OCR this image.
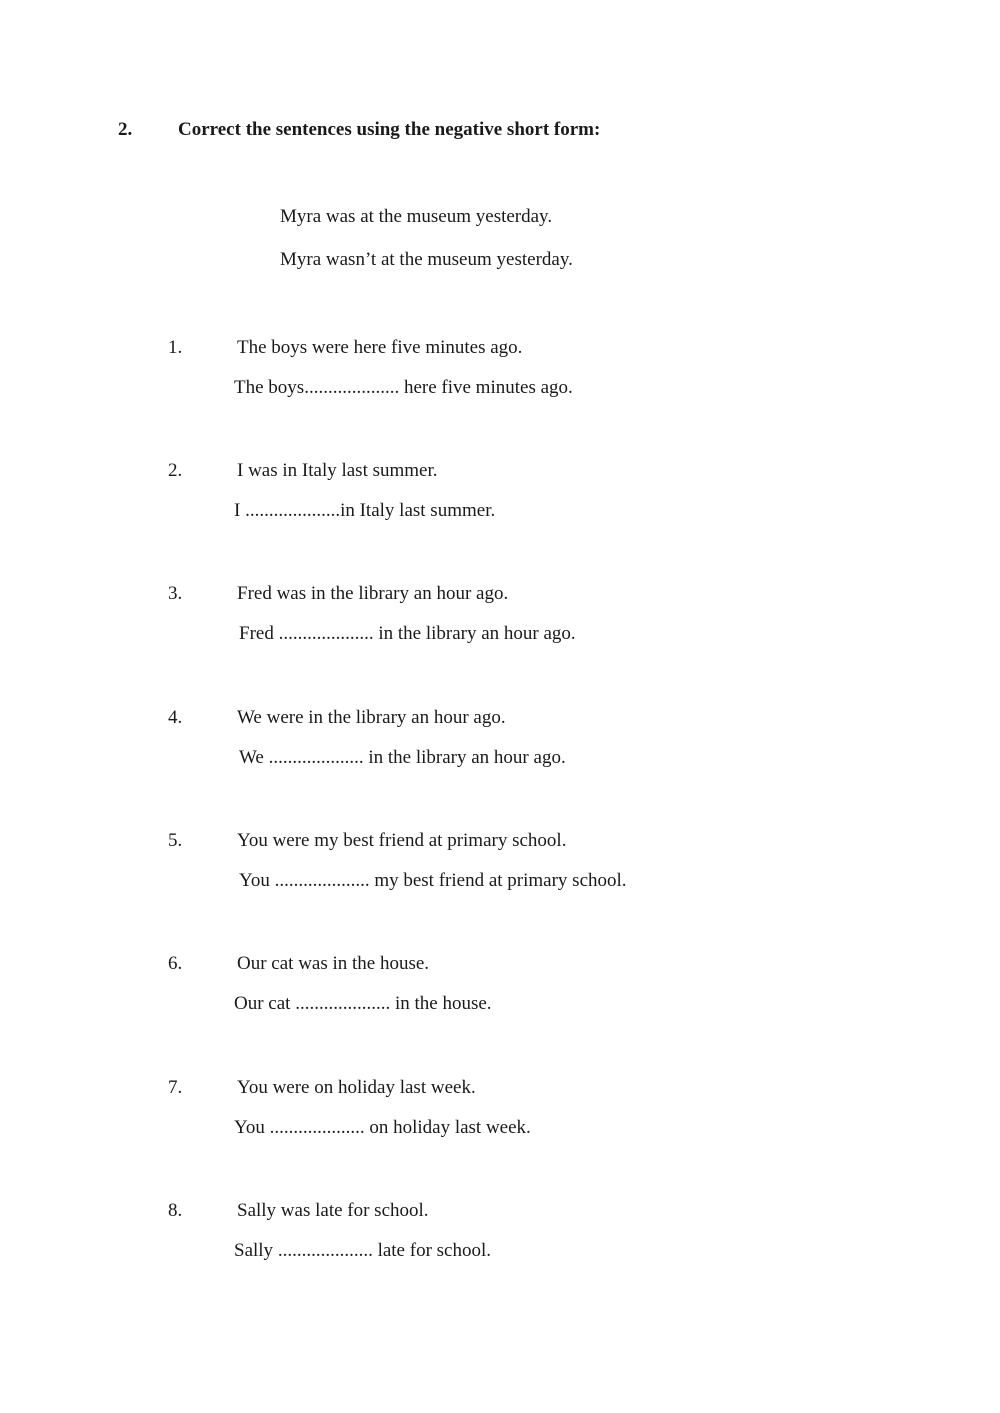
2. Correct the sentences using the negative short form:
Myra was at the museum yesterday.
Myra wasn’t at the museum yesterday.
1.	The boys were here five minutes ago.
The boys.................... here five minutes ago.
2.	I was in Italy last summer.
I ....................in Italy last summer.
3.	Fred was in the library an hour ago.
Fred .................... in the library an hour ago.
4.	We were in the library an hour ago.
We .................... in the library an hour ago.
5.	You were my best friend at primary school.
You .................... my best friend at primary school.
6.	Our cat was in the house.
Our cat .................... in the house.
7.	You were on holiday last week.
You .................... on holiday last week.
8.	Sally was late for school.
Sally .................... late for school.
